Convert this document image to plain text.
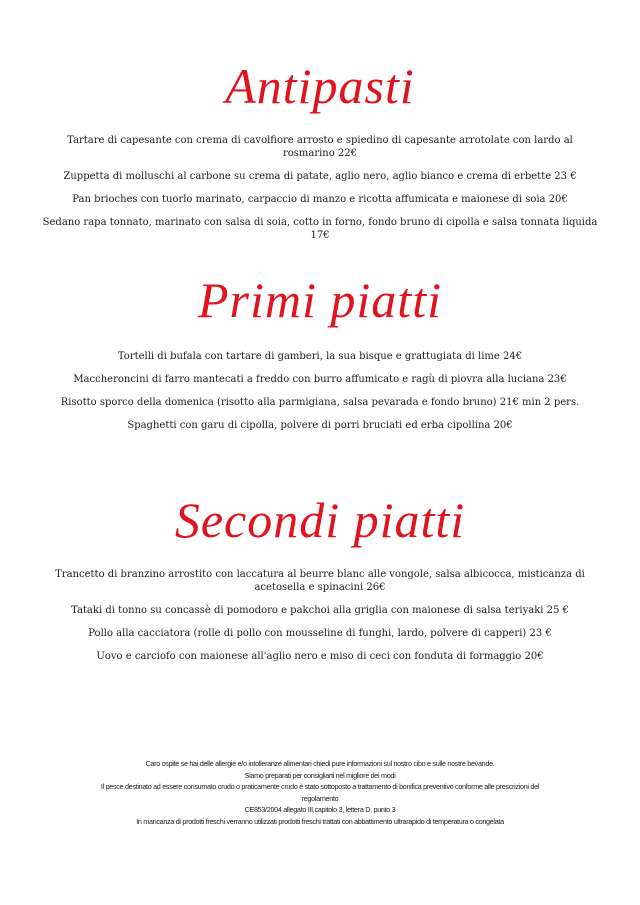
Antipasti
Tartare di capesante con crema di cavolfiore arrosto e spiedino di capesante arrotolate con lardo al rosmarino 22€
Zuppetta di molluschi al carbone su crema di patate, aglio nero, aglio bianco e crema di erbette 23 €
Pan brioches con tuorlo marinato, carpaccio di manzo e ricotta affumicata e maionese di soia 20€
Sedano rapa tonnato, marinato con salsa di soia, cotto in forno, fondo bruno di cipolla e salsa tonnata liquida 17€
Primi piatti
Tortelli di bufala con tartare di gamberi, la sua bisque e grattugiata di lime 24€
Maccheroncini di farro mantecati a freddo con burro affumicato e ragù di piovra alla luciana 23€
Risotto sporco della domenica (risotto alla parmigiana, salsa pevarada e fondo bruno) 21€ min 2 pers.
Spaghetti con garu di cipolla, polvere di porri bruciati ed erba cipollina 20€
Secondi piatti
Trancetto di branzino arrostito con laccatura al beurre blanc alle vongole, salsa albicocca, misticanza di acetosella e spinacini 26€
Tataki di tonno su concassè di pomodoro e pakchoi alla griglia con maionese di salsa teriyaki 25 €
Pollo alla cacciatora (rolle di pollo con mousseline di funghi, lardo, polvere di capperi) 23 €
Uovo e carciofo con maionese all'aglio nero e miso di ceci con fonduta di formaggio 20€

Caro ospite se hai delle allergie e/o intolleranze alimentari chiedi pure informazioni sul nostro cibo e sulle nostre bevande.

Siamo preparati per consigliarti nel migliore dei modi

Il pesce destinato ad essere consumato crudo o praticamente crudo è stato sottoposto a trattamento di bonifica preventivo conforme alle prescrizioni del

regolamento

CE853/2004 allegato III,capitolo 3, lettera D, punto 3

In mancanza di prodotti freschi verranno utilizzati prodotti freschi trattati con abbattimento ultrarapido di temperatura o congelata
